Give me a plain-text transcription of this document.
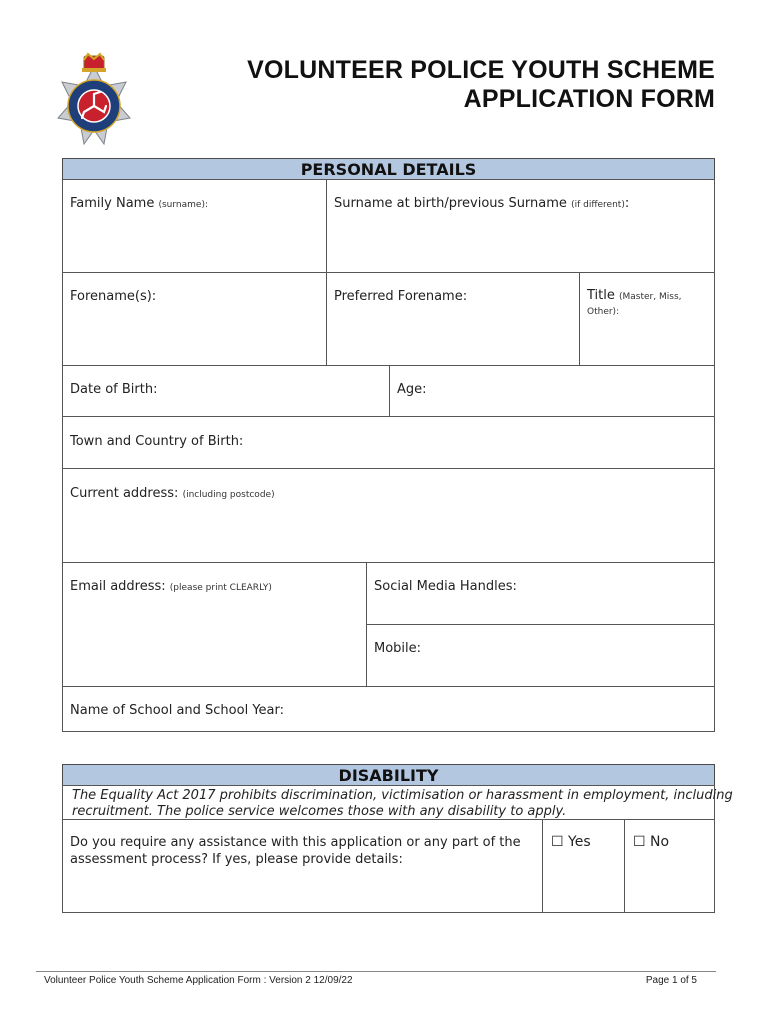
VOLUNTEER POLICE YOUTH SCHEME
APPLICATION FORM
PERSONAL DETAILS
Family Name (surname):	Surname at birth/previous Surname (if different):
Forename(s):	Preferred Forename:	Title (Master, Miss,
Other):
Date of Birth:	Age:
Town and Country of Birth:
Current address: (including postcode)
Email address: (please print CLEARLY)	Social Media Handles:
Mobile:
Name of School and School Year:
DISABILITY
The Equality Act 2017 prohibits discrimination, victimisation or harassment in employment, including
recruitment. The police service welcomes those with any disability to apply.
Do you require any assistance with this application or any part of the
assessment process? If yes, please provide details:
☐ Yes	☐ No
Volunteer Police Youth Scheme Application Form : Version 2 12/09/22	Page 1 of 5
